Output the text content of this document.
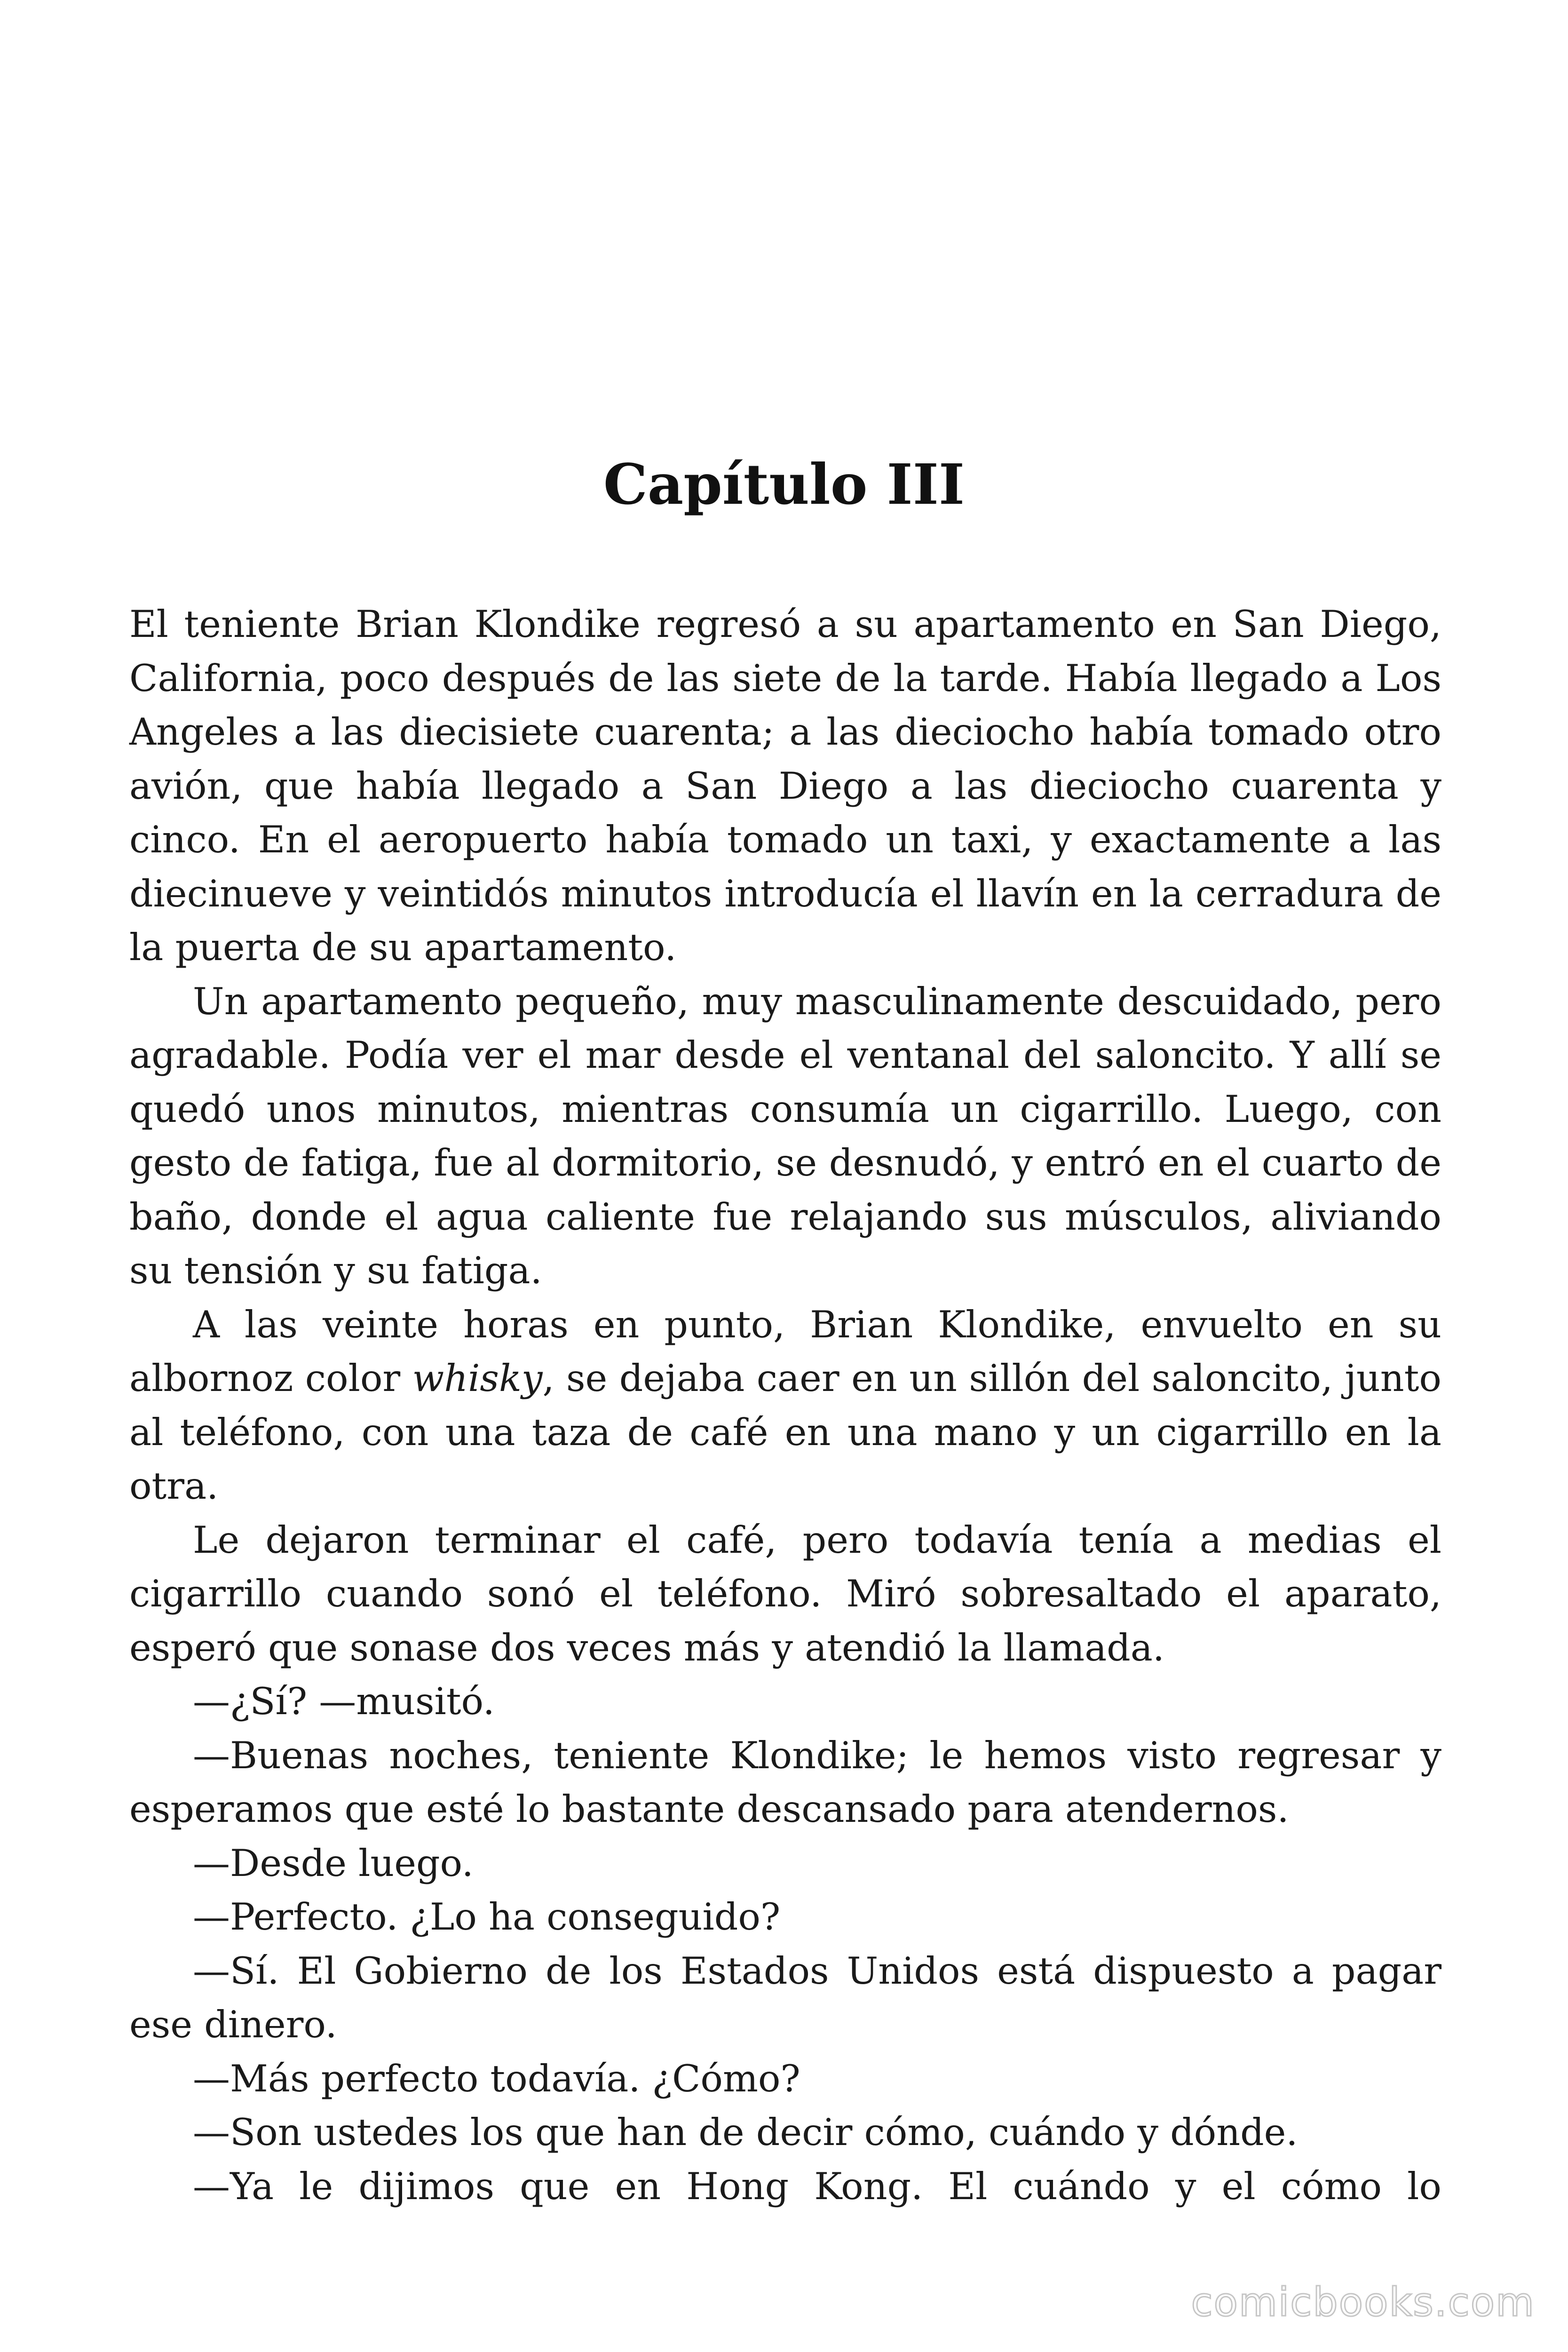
Capítulo III

El teniente Brian Klondike regresó a su apartamento en San Diego, California, poco después de las siete de la tarde. Había llegado a Los Angeles a las diecisiete cuarenta; a las dieciocho había tomado otro avión, que había llegado a San Diego a las dieciocho cuarenta y cinco. En el aeropuerto había tomado un taxi, y exactamente a las diecinueve y veintidós minutos introducía el llavín en la cerradura de la puerta de su apartamento.

Un apartamento pequeño, muy masculinamente descuidado, pero agradable. Podía ver el mar desde el ventanal del saloncito. Y allí se quedó unos minutos, mientras consumía un cigarrillo. Luego, con gesto de fatiga, fue al dormitorio, se desnudó, y entró en el cuarto de baño, donde el agua caliente fue relajando sus músculos, aliviando su tensión y su fatiga.

A las veinte horas en punto, Brian Klondike, envuelto en su albornoz color whisky, se dejaba caer en un sillón del saloncito, junto al teléfono, con una taza de café en una mano y un cigarrillo en la otra.

Le dejaron terminar el café, pero todavía tenía a medias el cigarrillo cuando sonó el teléfono. Miró sobresaltado el aparato, esperó que sonase dos veces más y atendió la llamada.

—¿Sí? —musitó.

—Buenas noches, teniente Klondike; le hemos visto regresar y esperamos que esté lo bastante descansado para atendernos.

—Desde luego.

—Perfecto. ¿Lo ha conseguido?

—Sí. El Gobierno de los Estados Unidos está dispuesto a pagar ese dinero.

—Más perfecto todavía. ¿Cómo?

—Son ustedes los que han de decir cómo, cuándo y dónde.

—Ya le dijimos que en Hong Kong. El cuándo y el cómo lo

comicbooks.com
